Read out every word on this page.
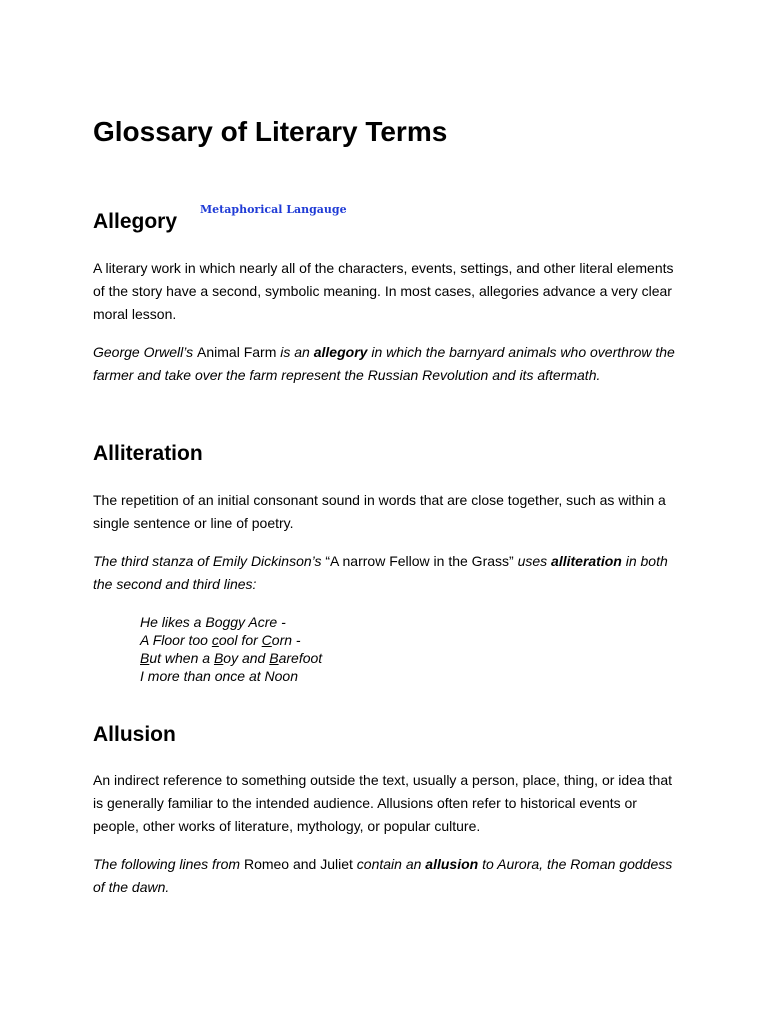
Glossary of Literary Terms
Allegory
Metaphorical Langauge

A literary work in which nearly all of the characters, events, settings, and other literal elements of the story have a second, symbolic meaning. In most cases, allegories advance a very clear moral lesson.

George Orwell’s Animal Farm is an allegory in which the barnyard animals who overthrow the farmer and take over the farm represent the Russian Revolution and its aftermath.

Alliteration

The repetition of an initial consonant sound in words that are close together, such as within a single sentence or line of poetry.

The third stanza of Emily Dickinson’s “A narrow Fellow in the Grass” uses alliteration in both the second and third lines:

He likes a Boggy Acre -
A Floor too cool for Corn -
But when a Boy and Barefoot
I more than once at Noon
Allusion

An indirect reference to something outside the text, usually a person, place, thing, or idea that is generally familiar to the intended audience. Allusions often refer to historical events or people, other works of literature, mythology, or popular culture.

The following lines from Romeo and Juliet contain an allusion to Aurora, the Roman goddess of the dawn.
